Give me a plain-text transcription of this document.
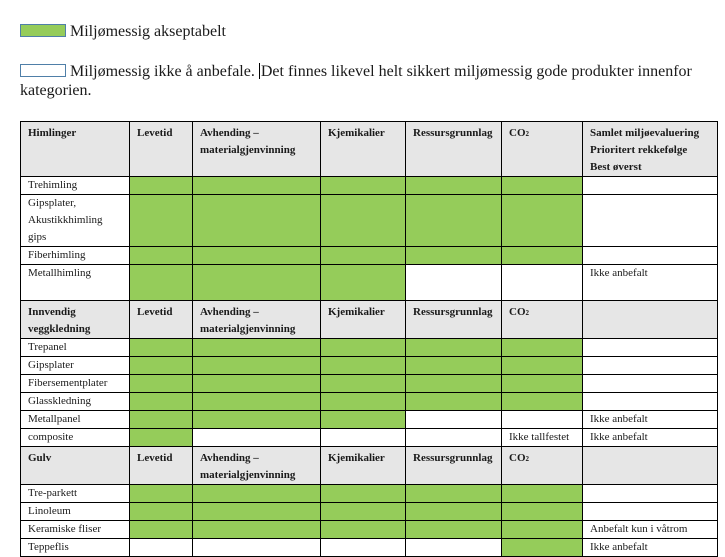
Miljømessig akseptabelt
Miljømessig ikke å anbefale. Det finnes likevel helt sikkert miljømessig gode produkter innenfor kategorien.
Himlinger	Levetid	Avhending –
materialgjenvinning	Kjemikalier	Ressursgrunnlag	CO2	Samlet miljøevaluering
Prioritert rekkefølge
Best øverst
Trehimling						
Gipsplater, Akustikkhimling gips						
Fiberhimling						
Metallhimling						Ikke anbefalt
Innvendig veggkledning	Levetid	Avhending –
materialgjenvinning	Kjemikalier	Ressursgrunnlag	CO2	
Trepanel						
Gipsplater						
Fibersementplater						
Glasskledning						
Metallpanel						Ikke anbefalt
composite					Ikke tallfestet	Ikke anbefalt
Gulv	Levetid	Avhending –
materialgjenvinning	Kjemikalier	Ressursgrunnlag	CO2	
Tre-parkett						
Linoleum						
Keramiske fliser						Anbefalt kun i våtrom
Teppeflis						Ikke anbefalt
